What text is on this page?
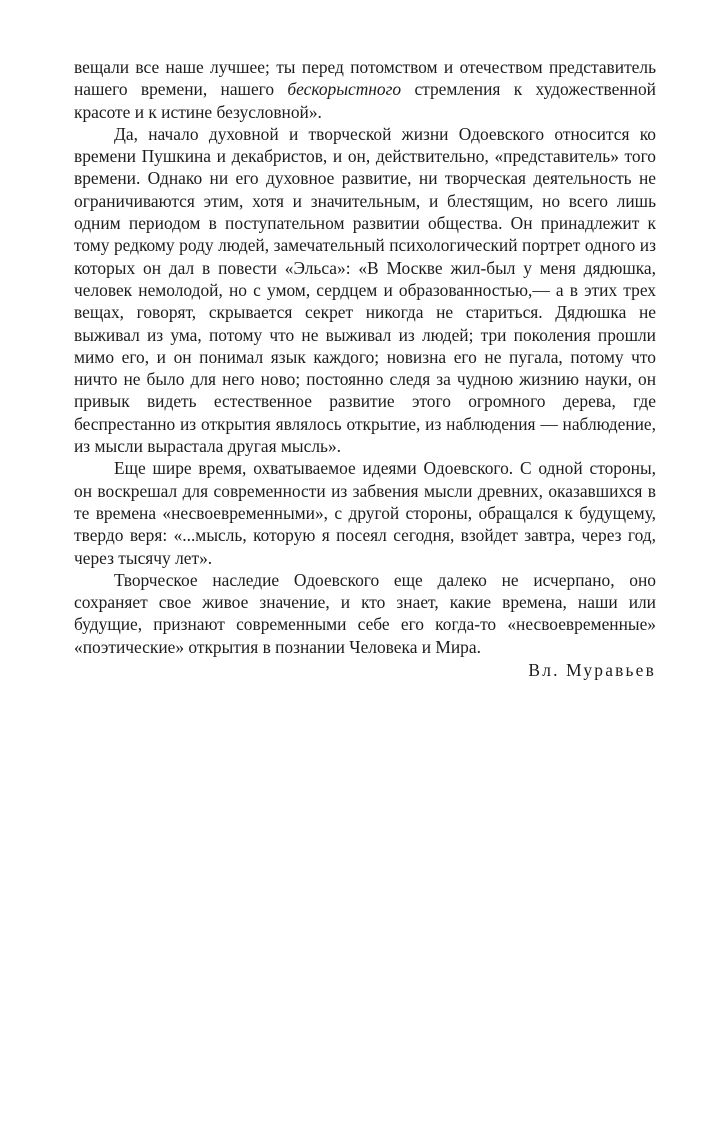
вещали все наше лучшее; ты перед потомством и отечеством представитель нашего времени, нашего бескорыстного стремления к художественной красоте и к истине безусловной».

Да, начало духовной и творческой жизни Одоевского относится ко времени Пушкина и декабристов, и он, действительно, «представитель» того времени. Однако ни его духовное развитие, ни творческая деятельность не ограничиваются этим, хотя и значительным, и блестящим, но всего лишь одним периодом в поступательном развитии общества. Он принадлежит к тому редкому роду людей, замечательный психологический портрет одного из которых он дал в повести «Эльса»: «В Москве жил-был у меня дядюшка, человек немолодой, но с умом, сердцем и образованностью,— а в этих трех вещах, говорят, скрывается секрет никогда не стариться. Дядюшка не выживал из ума, потому что не выживал из людей; три поколения прошли мимо его, и он понимал язык каждого; новизна его не пугала, потому что ничто не было для него ново; постоянно следя за чудною жизнию науки, он привык видеть естественное развитие этого огромного дерева, где беспрестанно из открытия являлось открытие, из наблюдения — наблюдение, из мысли вырастала другая мысль».

Еще шире время, охватываемое идеями Одоевского. С одной стороны, он воскрешал для современности из забвения мысли древних, оказавшихся в те времена «несвоевременными», с другой стороны, обращался к будущему, твердо веря: «...мысль, которую я посеял сегодня, взойдет завтра, через год, через тысячу лет».

Творческое наследие Одоевского еще далеко не исчерпано, оно сохраняет свое живое значение, и кто знает, какие времена, наши или будущие, признают современными себе его когда-то «несвоевременные» «поэтические» открытия в познании Человека и Мира.

Вл. Муравьев
